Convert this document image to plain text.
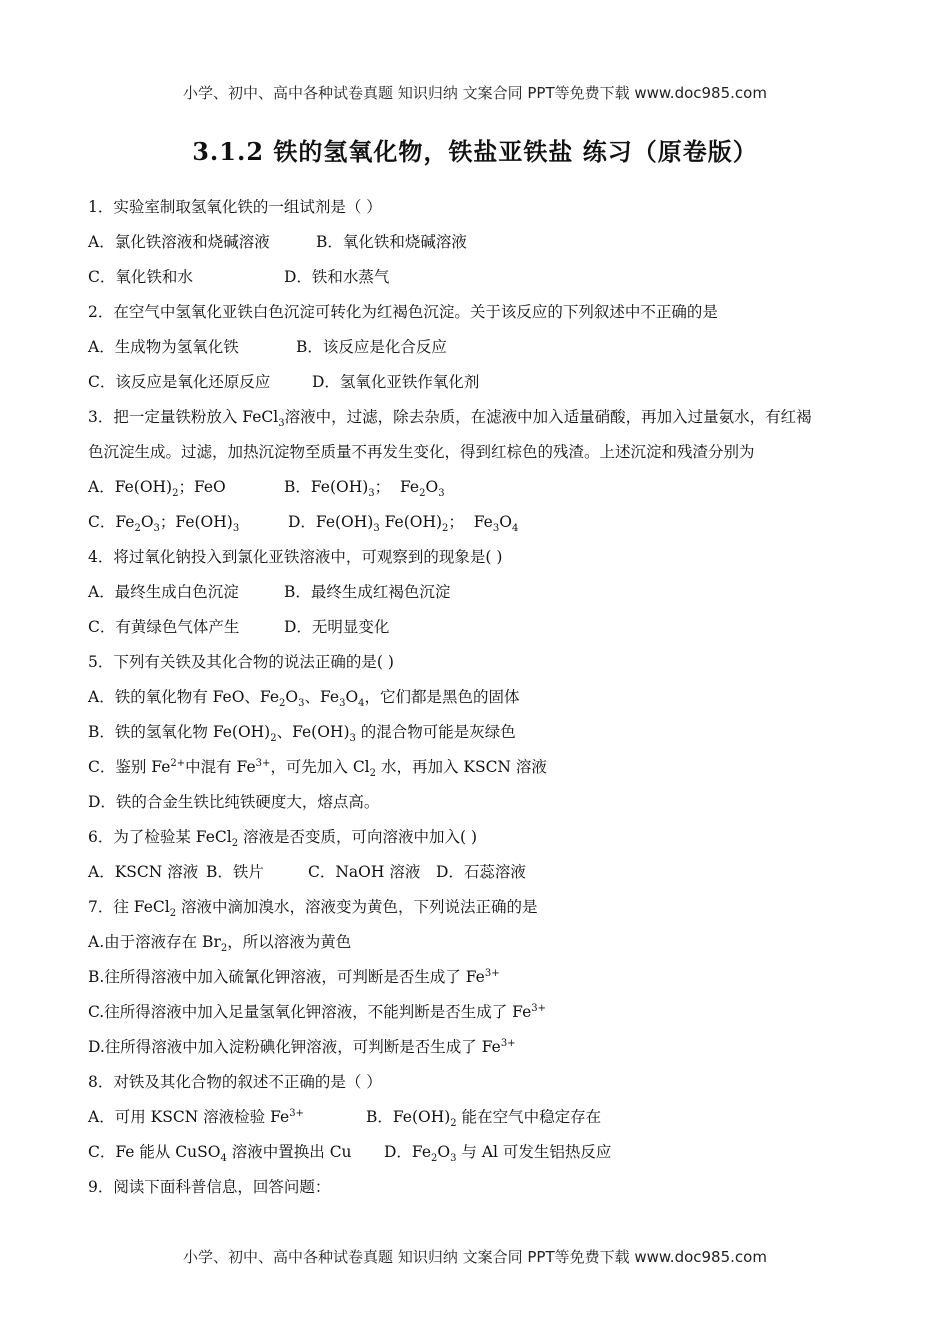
小学、初中、高中各种试卷真题 知识归纳 文案合同 PPT等免费下载 www.doc985.com
3.1.2 铁的氢氧化物，铁盐亚铁盐 练习（原卷版）
1．实验室制取氢氧化铁的一组试剂是（ ）
A．氯化铁溶液和烧碱溶液	B．氧化铁和烧碱溶液
C．氧化铁和水	D．铁和水蒸气
2．在空气中氢氧化亚铁白色沉淀可转化为红褐色沉淀。关于该反应的下列叙述中不正确的是
A．生成物为氢氧化铁	B．该反应是化合反应
C．该反应是氧化还原反应	D．氢氧化亚铁作氧化剂
3．把一定量铁粉放入 FeCl$_3$溶液中，过滤，除去杂质，在滤液中加入适量硝酸，再加入过量氨水，有红褐
色沉淀生成。过滤，加热沉淀物至质量不再发生变化，得到红棕色的残渣。上述沉淀和残渣分别为
A．$Fe(OH)_2$；FeO	B．$Fe(OH)_3$；  $Fe_2O_3$
C．$Fe_2O_3$；$Fe(OH)_3$	D．$Fe(OH)_3$ $Fe(OH)_2$；  $Fe_3O_4$
4．将过氧化钠投入到氯化亚铁溶液中，可观察到的现象是( )
A．最终生成白色沉淀	B．最终生成红褐色沉淀
C．有黄绿色气体产生	D．无明显变化
5．下列有关铁及其化合物的说法正确的是( )
A．铁的氧化物有 FeO、$Fe_2O_3$、$Fe_3O_4$，它们都是黑色的固体
B．铁的氢氧化物 $Fe(OH)_2$、$Fe(OH)_3$ 的混合物可能是灰绿色
C．鉴别 $Fe^{2+}$中混有 $Fe^{3+}$，可先加入 $Cl_2$ 水，再加入 KSCN 溶液
D．铁的合金生铁比纯铁硬度大，熔点高。
6．为了检验某 FeCl$_2$ 溶液是否变质，可向溶液中加入( )
A．KSCN 溶液 B．铁片	C．NaOH 溶液 D．石蕊溶液
7．往 FeCl$_2$ 溶液中滴加溴水，溶液变为黄色，下列说法正确的是
A.由于溶液存在 $Br_2$，所以溶液为黄色
B.往所得溶液中加入硫氰化钾溶液，可判断是否生成了 $Fe^{3+}$
C.往所得溶液中加入足量氢氧化钾溶液，不能判断是否生成了 $Fe^{3+}$
D.往所得溶液中加入淀粉碘化钾溶液，可判断是否生成了 $Fe^{3+}$
8．对铁及其化合物的叙述不正确的是（ ）
A．可用 KSCN 溶液检验 $Fe^{3+}$	B．$Fe(OH)_2$ 能在空气中稳定存在
C．Fe 能从 CuSO$_4$ 溶液中置换出 Cu D．$Fe_2O_3$ 与 Al 可发生铝热反应
9．阅读下面科普信息，回答问题：
小学、初中、高中各种试卷真题 知识归纳 文案合同 PPT等免费下载 www.doc985.com
